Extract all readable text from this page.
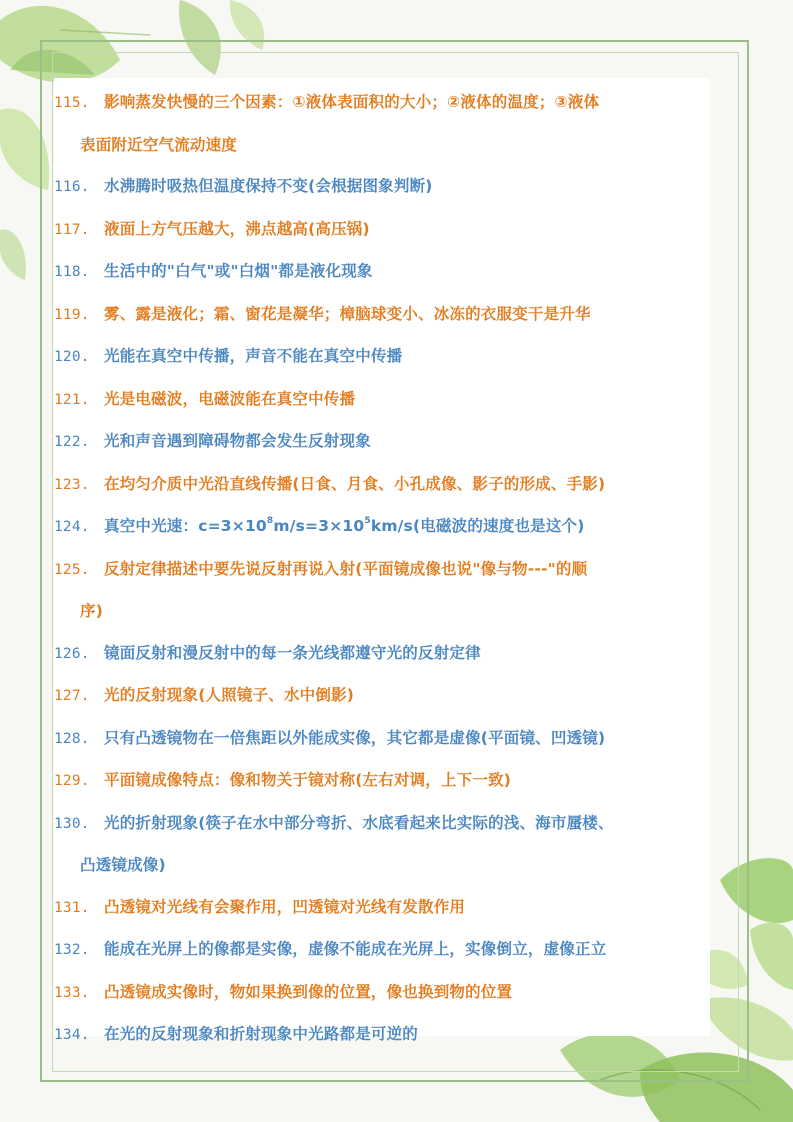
115. 影响蒸发快慢的三个因素：①液体表面积的大小；②液体的温度；③液体
表面附近空气流动速度
116. 水沸腾时吸热但温度保持不变(会根据图象判断)
117. 液面上方气压越大，沸点越高(高压锅)
118. 生活中的"白气"或"白烟"都是液化现象
119. 雾、露是液化；霜、窗花是凝华；樟脑球变小、冰冻的衣服变干是升华
120. 光能在真空中传播，声音不能在真空中传播
121. 光是电磁波，电磁波能在真空中传播
122. 光和声音遇到障碍物都会发生反射现象
123. 在均匀介质中光沿直线传播(日食、月食、小孔成像、影子的形成、手影)
124. 真空中光速：$c=3\times 10^8m/s=3\times 10^5km/s$(电磁波的速度也是这个)
125. 反射定律描述中要先说反射再说入射(平面镜成像也说"像与物---"的顺
序)
126. 镜面反射和漫反射中的每一条光线都遵守光的反射定律
127. 光的反射现象(人照镜子、水中倒影)
128. 只有凸透镜物在一倍焦距以外能成实像，其它都是虚像(平面镜、凹透镜)
129. 平面镜成像特点：像和物关于镜对称(左右对调，上下一致)
130. 光的折射现象(筷子在水中部分弯折、水底看起来比实际的浅、海市蜃楼、
凸透镜成像)
131. 凸透镜对光线有会聚作用，凹透镜对光线有发散作用
132. 能成在光屏上的像都是实像，虚像不能成在光屏上，实像倒立，虚像正立
133. 凸透镜成实像时，物如果换到像的位置，像也换到物的位置
134. 在光的反射现象和折射现象中光路都是可逆的
